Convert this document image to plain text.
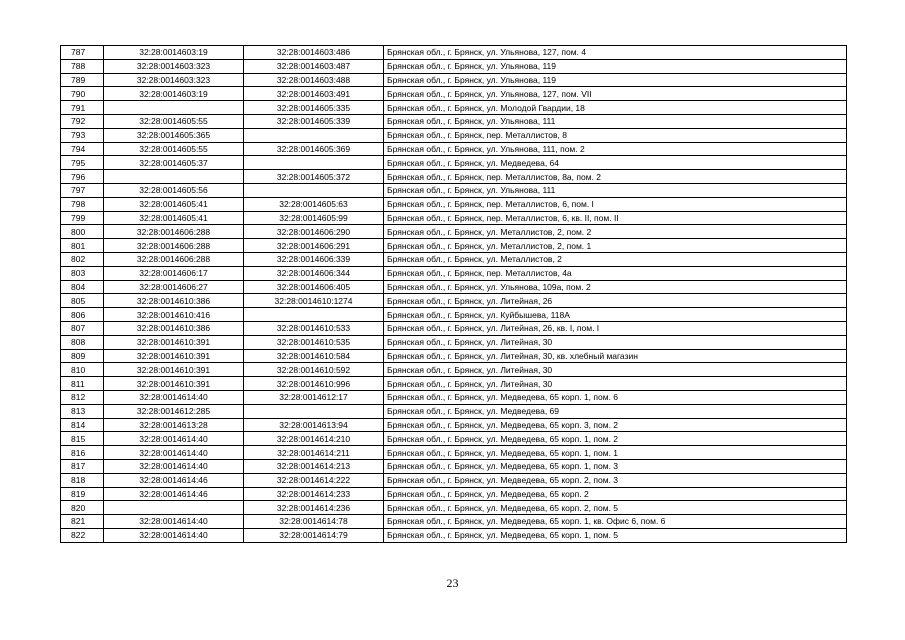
787	32:28:0014603:19	32:28:0014603:486	Брянская обл., г. Брянск, ул. Ульянова, 127, пом. 4
788	32:28:0014603:323	32:28:0014603:487	Брянская обл., г. Брянск, ул. Ульянова, 119
789	32:28:0014603:323	32:28:0014603:488	Брянская обл., г. Брянск, ул. Ульянова, 119
790	32:28:0014603:19	32:28:0014603:491	Брянская обл., г. Брянск, ул. Ульянова, 127, пом. VII
791		32:28:0014605:335	Брянская обл., г. Брянск, ул. Молодой Гвардии, 18
792	32:28:0014605:55	32:28:0014605:339	Брянская обл., г. Брянск, ул. Ульянова, 111
793	32:28:0014605:365		Брянская обл., г. Брянск, пер. Металлистов, 8
794	32:28:0014605:55	32:28:0014605:369	Брянская обл., г. Брянск, ул. Ульянова, 111, пом. 2
795	32:28:0014605:37		Брянская обл., г. Брянск, ул. Медведева, 64
796		32:28:0014605:372	Брянская обл., г. Брянск, пер. Металлистов, 8а, пом. 2
797	32:28:0014605:56		Брянская обл., г. Брянск, ул. Ульянова, 111
798	32:28:0014605:41	32:28:0014605:63	Брянская обл., г. Брянск, пер. Металлистов, 6, пом. I
799	32:28:0014605:41	32:28:0014605:99	Брянская обл., г. Брянск, пер. Металлистов, 6, кв. II, пом. II
800	32:28:0014606:288	32:28:0014606:290	Брянская обл., г. Брянск, ул. Металлистов, 2, пом. 2
801	32:28:0014606:288	32:28:0014606:291	Брянская обл., г. Брянск, ул. Металлистов, 2, пом. 1
802	32:28:0014606:288	32:28:0014606:339	Брянская обл., г. Брянск, ул. Металлистов, 2
803	32:28:0014606:17	32:28:0014606:344	Брянская обл., г. Брянск, пер. Металлистов, 4а
804	32:28:0014606:27	32:28:0014606:405	Брянская обл., г. Брянск, ул. Ульянова, 109а, пом. 2
805	32:28:0014610:386	32:28:0014610:1274	Брянская обл., г. Брянск, ул. Литейная, 26
806	32:28:0014610:416		Брянская обл., г. Брянск, ул. Куйбышева, 118А
807	32:28:0014610:386	32:28:0014610:533	Брянская обл., г. Брянск, ул. Литейная, 26, кв. I, пом. I
808	32:28:0014610:391	32:28:0014610:535	Брянская обл., г. Брянск, ул. Литейная, 30
809	32:28:0014610:391	32:28:0014610:584	Брянская обл., г. Брянск, ул. Литейная, 30, кв. хлебный магазин
810	32:28:0014610:391	32:28:0014610:592	Брянская обл., г. Брянск, ул. Литейная, 30
811	32:28:0014610:391	32:28:0014610:996	Брянская обл., г. Брянск, ул. Литейная, 30
812	32:28:0014614:40	32:28:0014612:17	Брянская обл., г. Брянск, ул. Медведева, 65 корп. 1, пом. 6
813	32:28:0014612:285		Брянская обл., г. Брянск, ул. Медведева, 69
814	32:28:0014613:28	32:28:0014613:94	Брянская обл., г. Брянск, ул. Медведева, 65 корп. 3, пом. 2
815	32:28:0014614:40	32:28:0014614:210	Брянская обл., г. Брянск, ул. Медведева, 65 корп. 1, пом. 2
816	32:28:0014614:40	32:28:0014614:211	Брянская обл., г. Брянск, ул. Медведева, 65 корп. 1, пом. 1
817	32:28:0014614:40	32:28:0014614:213	Брянская обл., г. Брянск, ул. Медведева, 65 корп. 1, пом. 3
818	32:28:0014614:46	32:28:0014614:222	Брянская обл., г. Брянск, ул. Медведева, 65 корп. 2, пом. 3
819	32:28:0014614:46	32:28:0014614:233	Брянская обл., г. Брянск, ул. Медведева, 65 корп. 2
820		32:28:0014614:236	Брянская обл., г. Брянск, ул. Медведева, 65 корп. 2, пом. 5
821	32:28:0014614:40	32:28:0014614:78	Брянская обл., г. Брянск, ул. Медведева, 65 корп. 1, кв. Офис 6, пом. 6
822	32:28:0014614:40	32:28:0014614:79	Брянская обл., г. Брянск, ул. Медведева, 65 корп. 1, пом. 5
23
